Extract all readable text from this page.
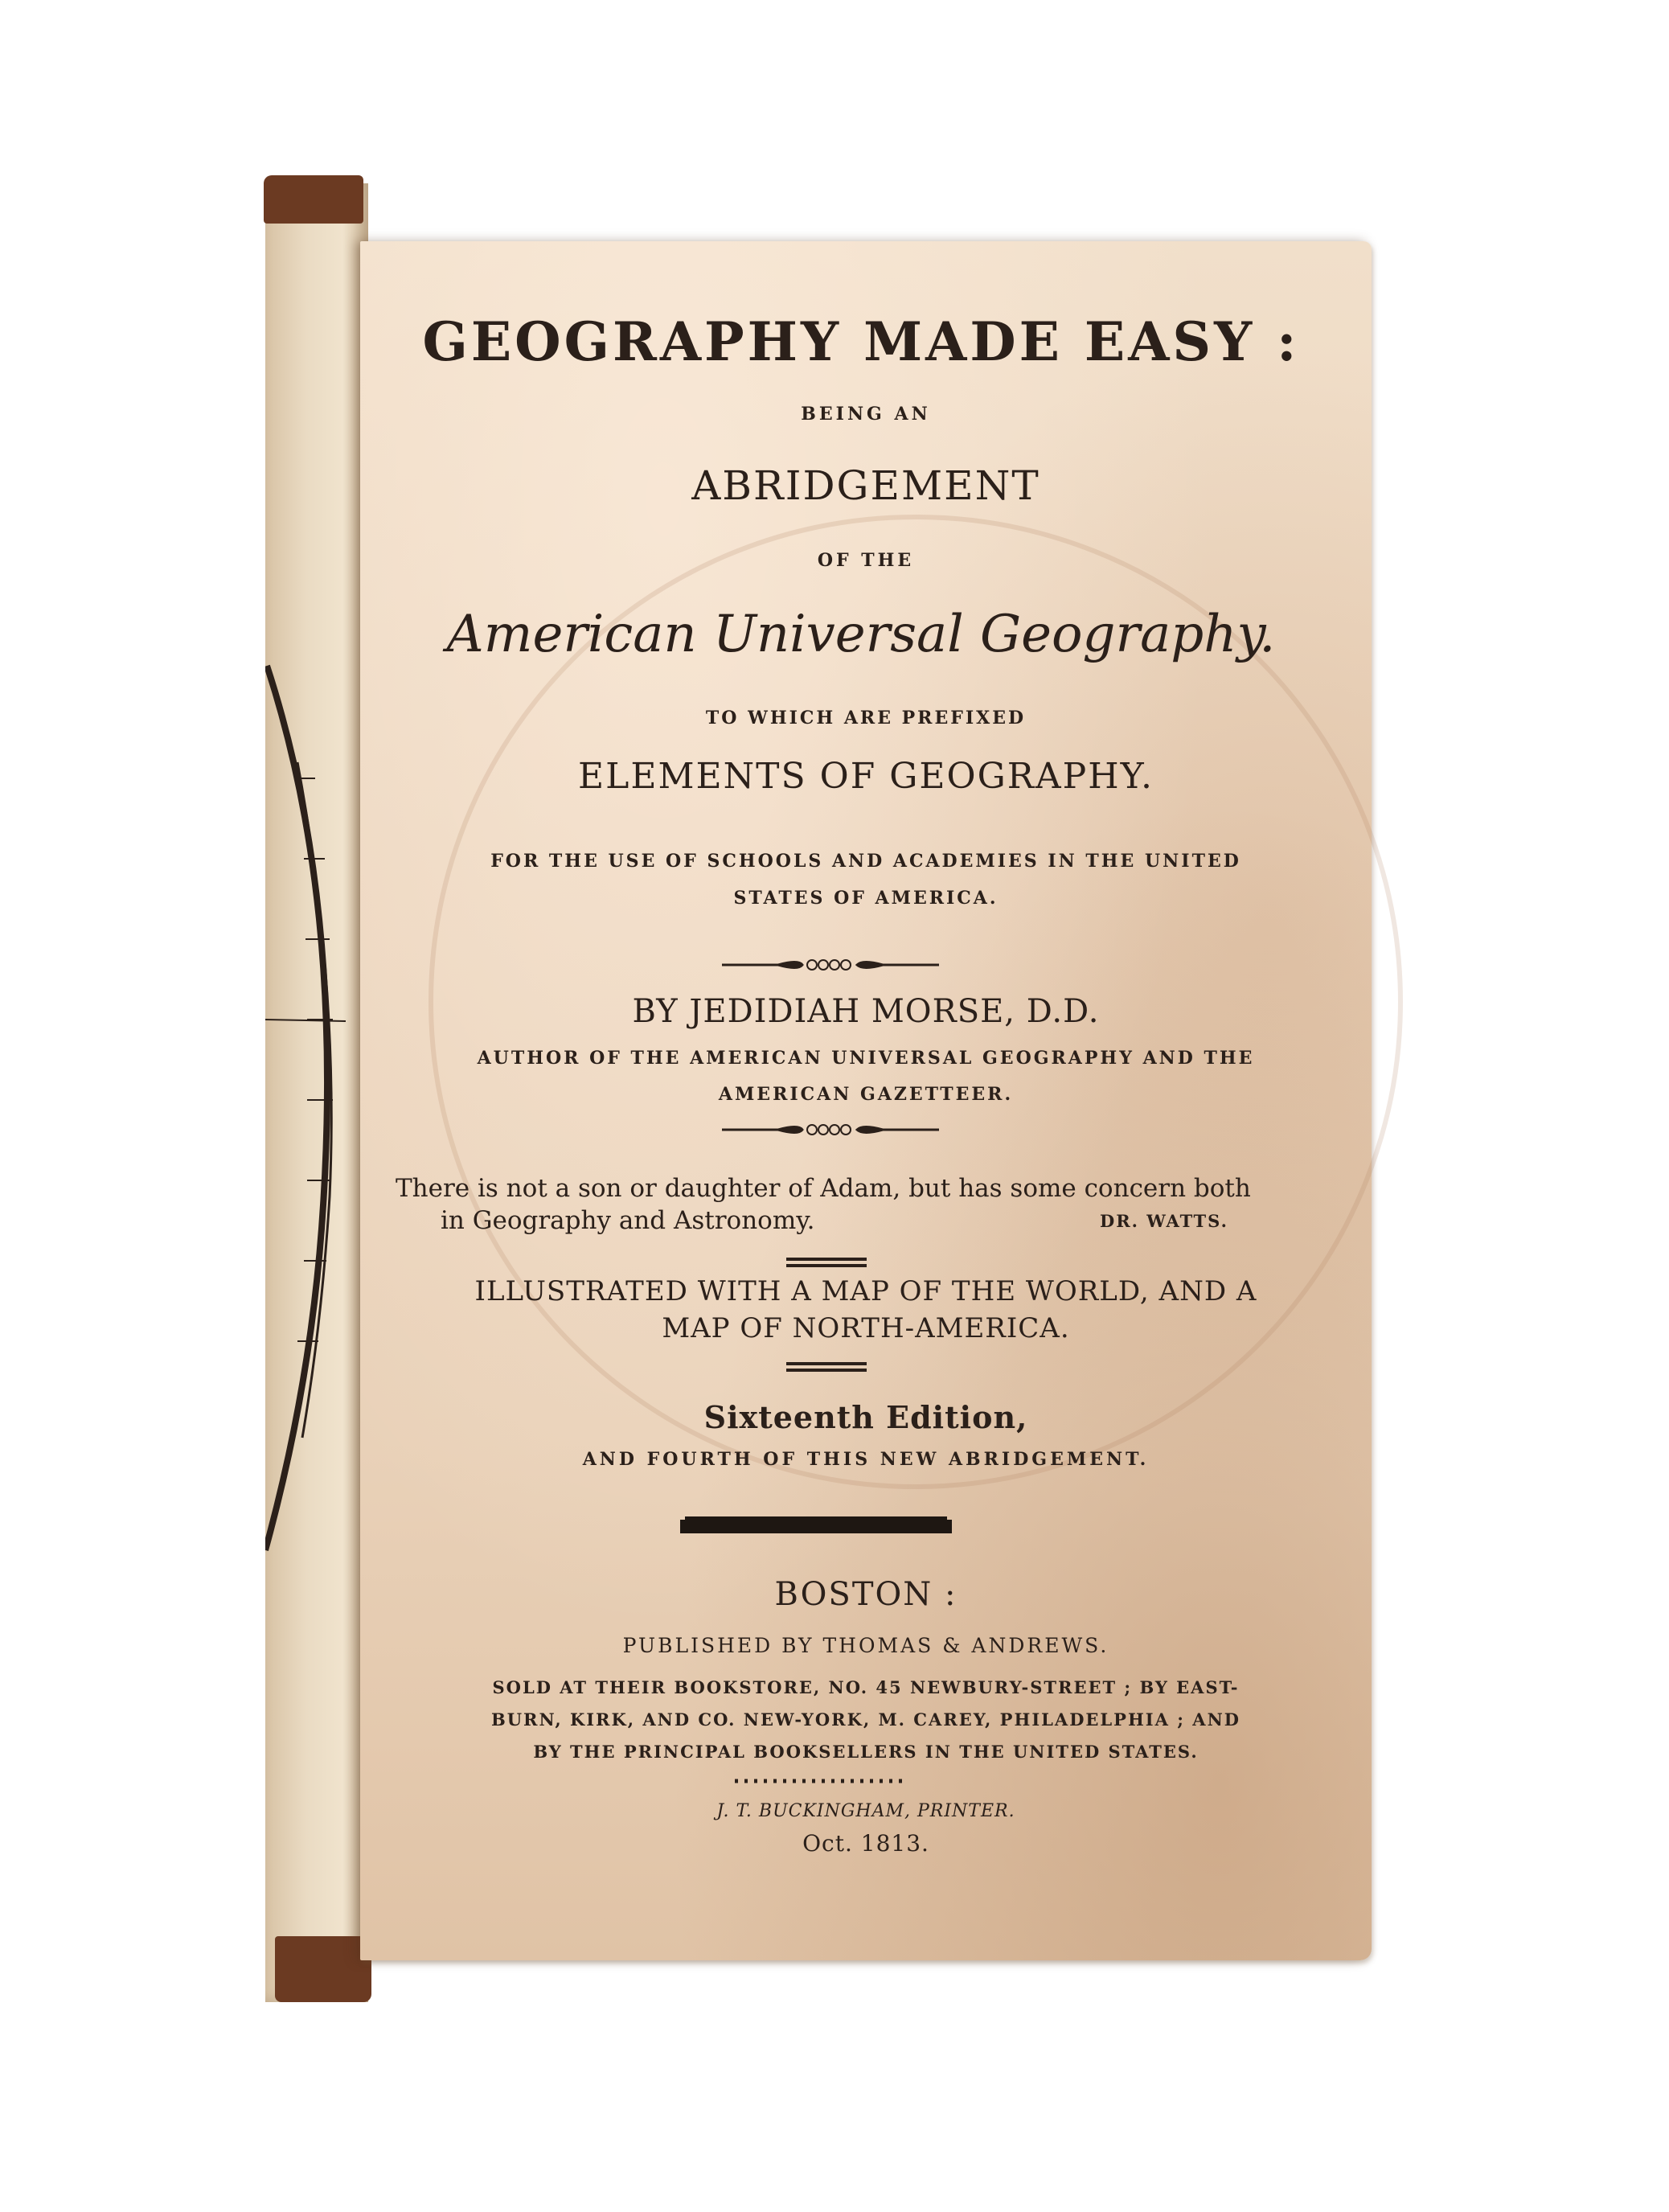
GEOGRAPHY MADE EASY :
BEING AN
ABRIDGEMENT
OF THE
American Universal Geography.
TO WHICH ARE PREFIXED
ELEMENTS OF GEOGRAPHY.
FOR THE USE OF SCHOOLS AND ACADEMIES IN THE UNITED
STATES OF AMERICA.
BY JEDIDIAH MORSE, D.D.
AUTHOR OF THE AMERICAN UNIVERSAL GEOGRAPHY AND THE
AMERICAN GAZETTEER.
There is not a son or daughter of Adam, but has some concern both
in Geography and Astronomy.	DR. WATTS.
ILLUSTRATED WITH A MAP OF THE WORLD, AND A
MAP OF NORTH-AMERICA.
Sixteenth Edition,
AND FOURTH OF THIS NEW ABRIDGEMENT.
BOSTON :
PUBLISHED BY THOMAS & ANDREWS.
SOLD AT THEIR BOOKSTORE, NO. 45 NEWBURY-STREET ; BY EAST-
BURN, KIRK, AND CO. NEW-YORK, M. CAREY, PHILADELPHIA ; AND
BY THE PRINCIPAL BOOKSELLERS IN THE UNITED STATES.
J. T. BUCKINGHAM, PRINTER.
Oct. 1813.
